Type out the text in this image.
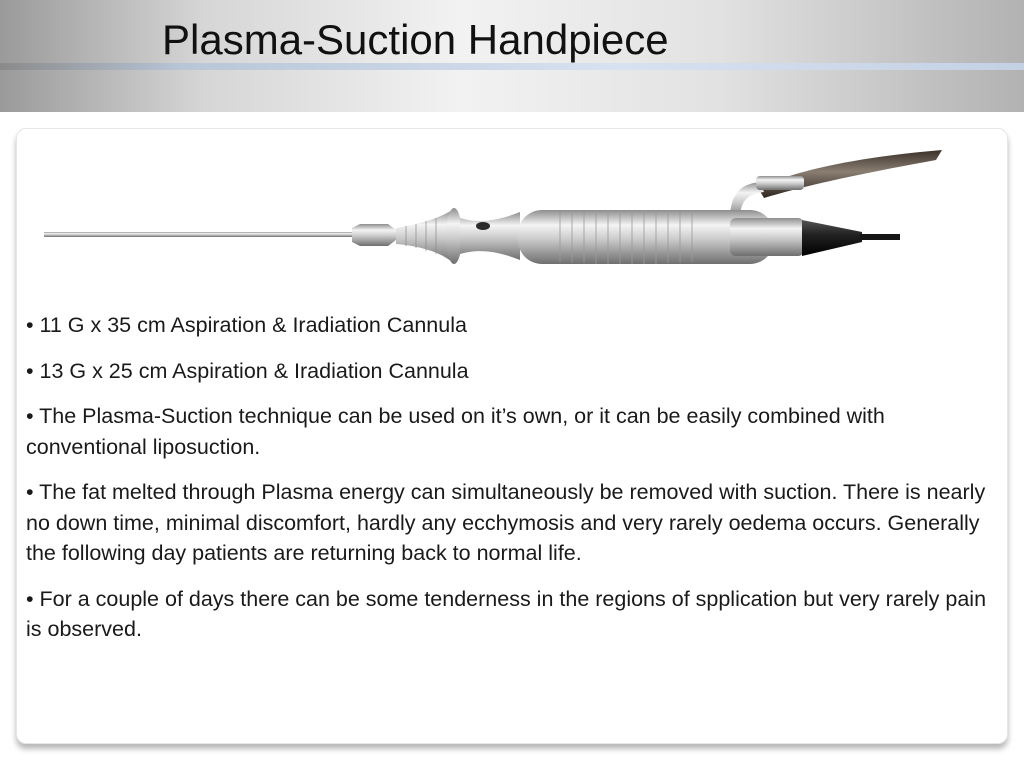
Plasma-Suction Handpiece

• 11 G x 35 cm Aspiration & Iradiation Cannula

• 13 G x 25 cm Aspiration & Iradiation Cannula

• The Plasma-Suction technique can be used on it’s own, or it can be easily combined with conventional liposuction.

• The fat melted through Plasma energy can simultaneously be removed with suction. There is nearly no down time, minimal discomfort, hardly any ecchymosis and very rarely oedema occurs. Generally the following day patients are returning back to normal life.

• For a couple of days there can be some tenderness in the regions of spplication but very rarely pain is observed.
